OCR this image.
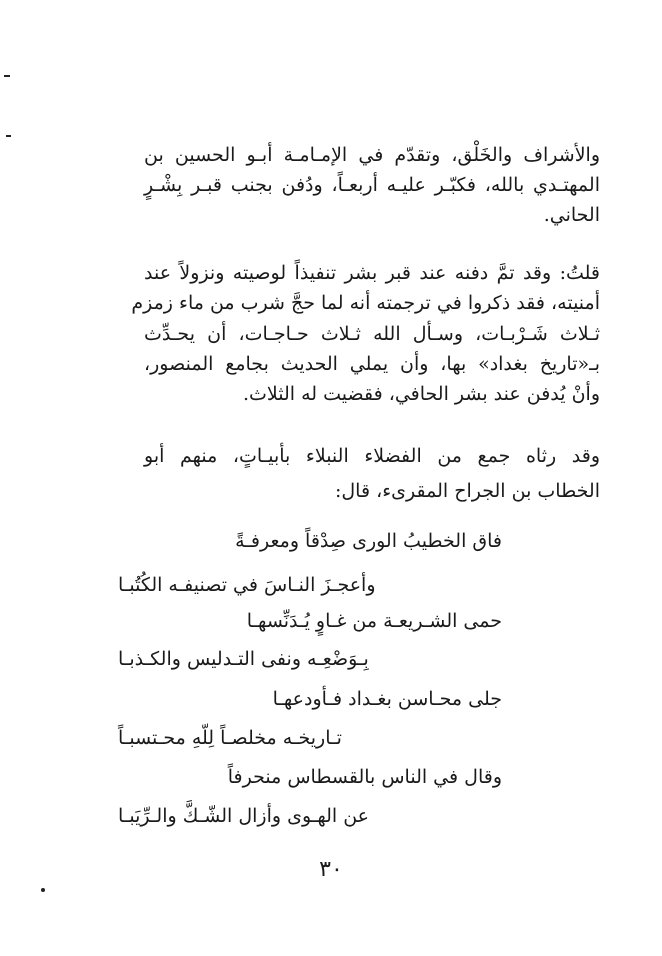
والأشراف والخَلْق، وتقدّم في الإمـامـة أبـو الحسين بن
المهتـدي بالله، فكبّـر عليـه أربعـاً، ودُفن بجنب قبـر بِشْـرٍ
الحاني.
قلتُ: وقد تمَّ دفنه عند قبر بشر تنفيذاً لوصيته ونزولاً عند
أمنيته، فقد ذكروا في ترجمته أنه لما حجَّ شرب من ماء زمزم
ثـلاث شَـرْبـات، وسـأل الله ثـلاث حـاجـات، أن يحـدِّث
بـ«تاريخ بغداد» بها، وأن يملي الحديث بجامع المنصور،
وأنْ يُدفن عند بشر الحافي، فقضيت له الثلاث.
وقد رثاه جمع من الفضلاء النبلاء بأبيـاتٍ، منهم أبو
الخطاب بن الجراح المقرىء، قال:
فاق الخطيبُ الورى صِدْقاً ومعرفـةً
وأعجـزَ النـاسَ في تصنيفـه الكُتُبـا
حمى الشـريعـة من غـاوٍ يُـدَنِّسهـا
بِـوَضْعِـه ونفى التـدليس والكـذبـا
جلى محـاسن بغـداد فـأودعهـا
تـاريخـه مخلصـاً لِلّهِ محـتسبـاً
وقال في الناس بالقسطاس منحرفاً
عن الهـوى وأزال الشّـكَّ والـرِّيَبـا
٣٠
